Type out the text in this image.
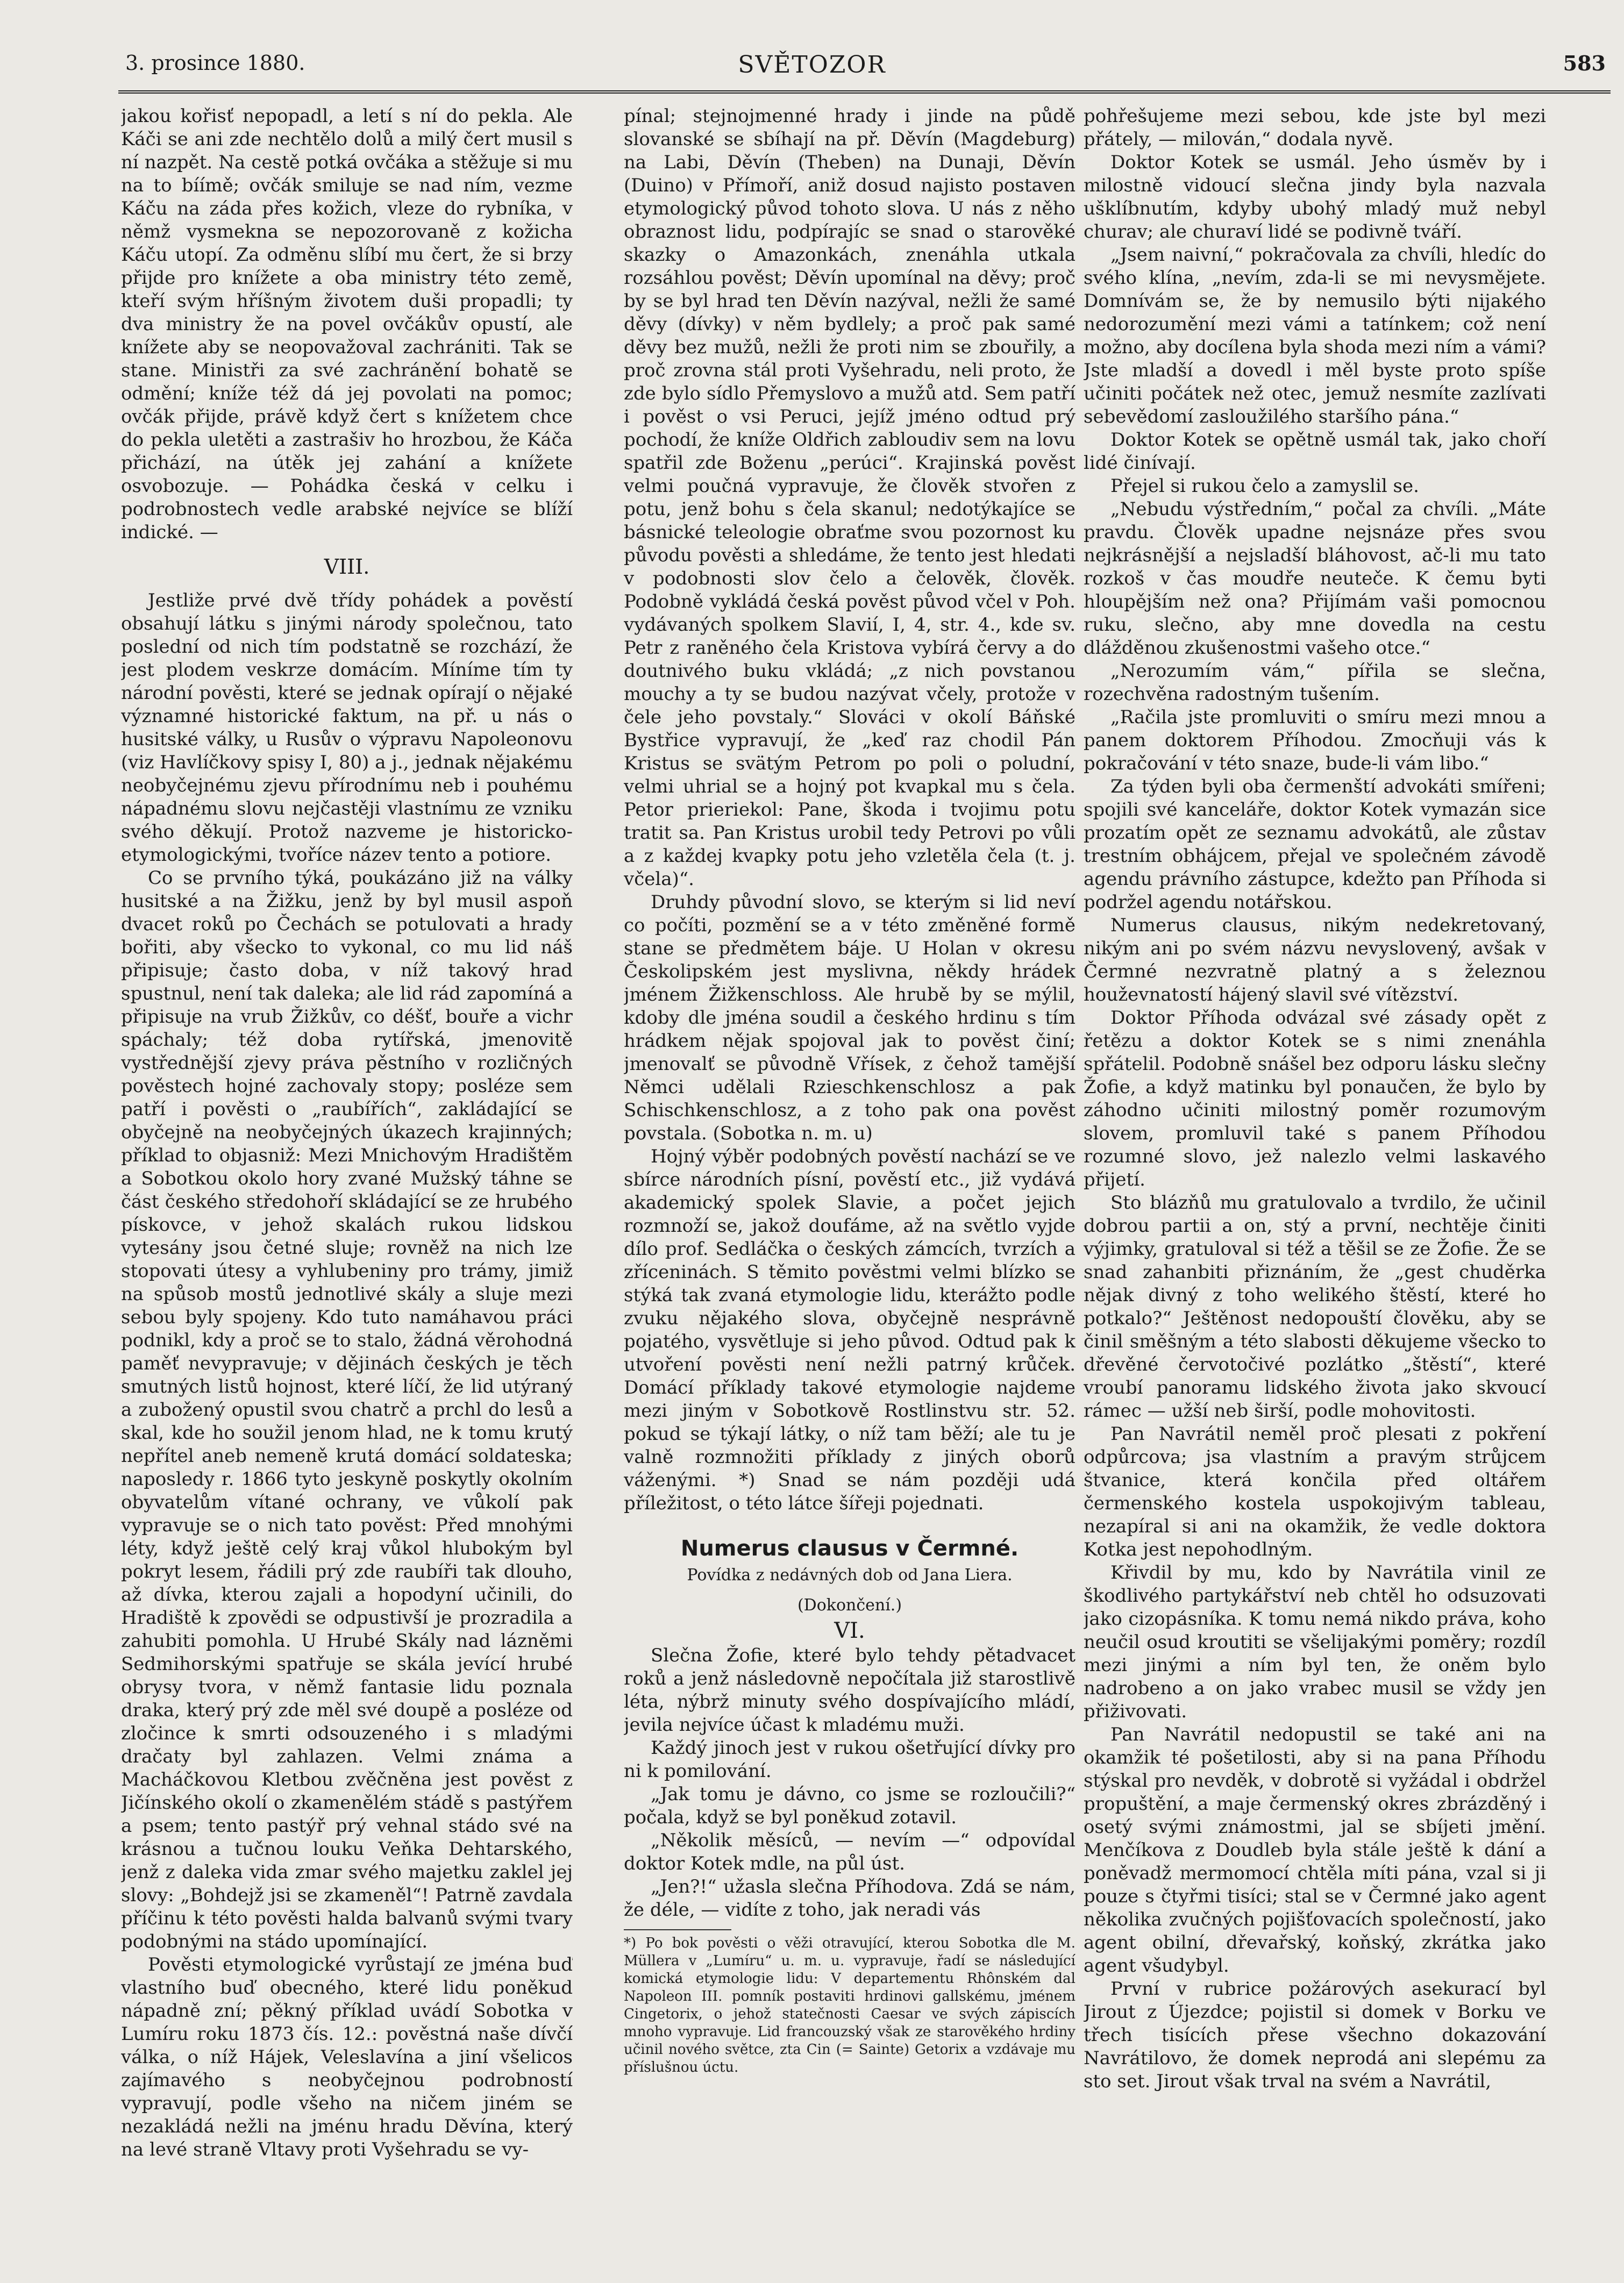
3. prosince 1880.	SVĚTOZOR	583

jakou kořisť nepopadl, a letí s ní do pekla. Ale Káči se ani zde nechtělo dolů a milý čert musil s ní nazpět. Na cestě potká ovčáka a stěžuje si mu na to bíímě; ovčák smiluje se nad ním, vezme Káču na záda přes kožich, vleze do rybníka, v němž vysmekna se nepozorovaně z kožicha Káču utopí. Za odměnu slíbí mu čert, že si brzy přijde pro knížete a oba ministry této země, kteří svým hříšným životem duši propadli; ty dva ministry že na povel ovčákův opustí, ale knížete aby se neopovažoval zachrániti. Tak se stane. Ministři za své zachránění bohatě se odmění; kníže též dá jej povolati na pomoc; ovčák přijde, právě když čert s knížetem chce do pekla uletěti a zastrašiv ho hrozbou, že Káča přichází, na útěk jej zahání a knížete osvobozuje. — Pohádka česká v celku i podrobnostech vedle arabské nejvíce se blíží indické. —

VIII.

Jestliže prvé dvě třídy pohádek a pověstí obsahují látku s jinými národy společnou, tato poslední od nich tím podstatně se rozchází, že jest plodem veskrze domácím. Míníme tím ty národní pověsti, které se jednak opírají o nějaké významné historické faktum, na př. u nás o husitské války, u Rusův o výpravu Napoleonovu (viz Havlíčkovy spisy I, 80) a j., jednak nějakému neobyčejnému zjevu přírodnímu neb i pouhému nápadnému slovu nejčastěji vlastnímu ze vzniku svého děkují. Protož nazveme je historicko-etymologickými, tvoříce název tento a potiore.

Co se prvního týká, poukázáno již na války husitské a na Žižku, jenž by byl musil aspoň dvacet roků po Čechách se potulovati a hrady bořiti, aby všecko to vykonal, co mu lid náš připisuje; často doba, v níž takový hrad spustnul, není tak daleka; ale lid rád zapomíná a připisuje na vrub Žižkův, co déšť, bouře a vichr spáchaly; též doba rytířská, jmenovitě vystřednější zjevy práva pěstního v rozličných pověstech hojné zachovaly stopy; posléze sem patří i pověsti o „raubířích“, zakládající se obyčejně na neobyčejných úkazech krajinných; příklad to objasniž: Mezi Mnichovým Hradištěm a Sobotkou okolo hory zvané Mužský táhne se část českého středohoří skládající se ze hrubého pískovce, v jehož skalách rukou lidskou vytesány jsou četné sluje; rovněž na nich lze stopovati útesy a vyhlubeniny pro trámy, jimiž na spůsob mostů jednotlivé skály a sluje mezi sebou byly spojeny. Kdo tuto namáhavou práci podnikl, kdy a proč se to stalo, žádná věrohodná paměť nevypravuje; v dějinách českých je těch smutných listů hojnost, které líčí, že lid utýraný a zubožený opustil svou chatrč a prchl do lesů a skal, kde ho soužil jenom hlad, ne k tomu krutý nepřítel aneb nemeně krutá domácí soldateska; naposledy r. 1866 tyto jeskyně poskytly okolním obyvatelům vítané ochrany, ve vůkolí pak vypravuje se o nich tato pověst: Před mnohými léty, když ještě celý kraj vůkol hlubokým byl pokryt lesem, řádili prý zde raubíři tak dlouho, až dívka, kterou zajali a hopodyní učinili, do Hradiště k zpovědi se odpustivší je prozradila a zahubiti pomohla. U Hrubé Skály nad lázněmi Sedmihorskými spatřuje se skála jevící hrubé obrysy tvora, v němž fantasie lidu poznala draka, který prý zde měl své doupě a posléze od zločince k smrti odsouzeného i s mladými dračaty byl zahlazen. Velmi známa a Macháčkovou Kletbou zvěčněna jest pověst z Jičínského okolí o zkamenělém stádě s pastýřem a psem; tento pastýř prý vehnal stádo své na krásnou a tučnou louku Veňka Dehtarského, jenž z daleka vida zmar svého majetku zaklel jej slovy: „Bohdejž jsi se zkameněl“! Patrně zavdala příčinu k této pověsti halda balvanů svými tvary podobnými na stádo upomínající.

Pověsti etymologické vyrůstají ze jména buď vlastního buď obecného, které lidu poněkud nápadně zní; pěkný příklad uvádí Sobotka v Lumíru roku 1873 čís. 12.: pověstná naše dívčí válka, o níž Hájek, Veleslavína a jiní všelicos zajímavého s neobyčejnou podrobností vypravují, podle všeho na ničem jiném se nezakládá nežli na jménu hradu Děvína, který na levé straně Vltavy proti Vyšehradu se vy-

pínal; stejnojmenné hrady i jinde na půdě slovanské se sbíhají na př. Děvín (Magdeburg) na Labi, Děvín (Theben) na Dunaji, Děvín (Duino) v Přímoří, aniž dosud najisto postaven etymologický původ tohoto slova. U nás z něho obraznost lidu, podpírajíc se snad o starověké skazky o Amazonkách, znenáhla utkala rozsáhlou pověst; Děvín upomínal na děvy; proč by se byl hrad ten Děvín nazýval, nežli že samé děvy (dívky) v něm bydlely; a proč pak samé děvy bez mužů, nežli že proti nim se zbouřily, a proč zrovna stál proti Vyšehradu, neli proto, že zde bylo sídlo Přemyslovo a mužů atd. Sem patří i pověst o vsi Peruci, jejíž jméno odtud prý pochodí, že kníže Oldřich zabloudiv sem na lovu spatřil zde Boženu „perúci“. Krajinská pověst velmi poučná vypravuje, že člověk stvořen z potu, jenž bohu s čela skanul; nedotýkajíce se básnické teleologie obraťme svou pozornost ku původu pověsti a shledáme, že tento jest hledati v podobnosti slov čelo a čelověk, člověk. Podobně vykládá česká pověst původ včel v Poh. vydávaných spolkem Slavií, I, 4, str. 4., kde sv. Petr z raněného čela Kristova vybírá červy a do doutnivého buku vkládá; „z nich povstanou mouchy a ty se budou nazývat včely, protože v čele jeho povstaly.“ Slováci v okolí Báňské Bystřice vypravují, že „keď raz chodil Pán Kristus se svätým Petrom po poli o poludní, velmi uhrial se a hojný pot kvapkal mu s čela. Petor prieriekol: Pane, škoda i tvojimu potu tratit sa. Pan Kristus urobil tedy Petrovi po vůli a z každej kvapky potu jeho vzletěla čela (t. j. včela)“.

Druhdy původní slovo, se kterým si lid neví co počíti, pozmění se a v této změněné formě stane se předmětem báje. U Holan v okresu Českolipském jest myslivna, někdy hrádek jménem Žižkenschloss. Ale hrubě by se mýlil, kdoby dle jména soudil a českého hrdinu s tím hrádkem nějak spojoval jak to pověst činí; jmenovalť se původně Vřísek, z čehož tamější Němci udělali Rzieschkenschlosz a pak Schischkenschlosz, a z toho pak ona pověst povstala. (Sobotka n. m. u)

Hojný výběr podobných pověstí nachází se ve sbírce národních písní, pověstí etc., již vydává akademický spolek Slavie, a počet jejich rozmnoží se, jakož doufáme, až na světlo vyjde dílo prof. Sedláčka o českých zámcích, tvrzích a zříceninách. S těmito pověstmi velmi blízko se stýká tak zvaná etymologie lidu, kterážto podle zvuku nějakého slova, obyčejně nesprávně pojatého, vysvětluje si jeho původ. Odtud pak k utvoření pověsti není nežli patrný krůček. Domácí příklady takové etymologie najdeme mezi jiným v Sobotkově Rostlinstvu str. 52. pokud se týkají látky, o níž tam běží; ale tu je valně rozmnožiti příklady z jiných oborů váženými. *) Snad se nám později udá příležitost, o této látce šířeji pojednati.

Numerus clausus v Čermné.
Povídka z nedávných dob od Jana Liera.
(Dokončení.)
VI.

Slečna Žofie, které bylo tehdy pětadvacet roků a jenž následovně nepočítala již starostlivě léta, nýbrž minuty svého dospívajícího mládí, jevila nejvíce účast k mladému muži.

Každý jinoch jest v rukou ošetřující dívky pro ni k pomilování.

„Jak tomu je dávno, co jsme se rozloučili?“ počala, když se byl poněkud zotavil.

„Několik měsíců, — nevím —“ odpovídal doktor Kotek mdle, na půl úst.

„Jen?!“ užasla slečna Příhodova. Zdá se nám, že déle, — vidíte z toho, jak neradi vás

*) Po bok pověsti o věži otravující, kterou Sobotka dle M. Müllera v „Lumíru“ u. m. u. vypravuje, řadí se následující komická etymologie lidu: V departementu Rhônském dal Napoleon III. pomník postaviti hrdinovi gallskému, jménem Cingetorix, o jehož statečnosti Caesar ve svých zápiscích mnoho vypravuje. Lid francouzský však ze starověkého hrdiny učinil nového světce, zta Cin (= Sainte) Getorix a vzdávaje mu příslušnou úctu.

pohřešujeme mezi sebou, kde jste byl mezi přátely, — milován,“ dodala nyvě.

Doktor Kotek se usmál. Jeho úsměv by i milostně vidoucí slečna jindy byla nazvala ušklíbnutím, kdyby ubohý mladý muž nebyl churav; ale churaví lidé se podivně tváří.

„Jsem naivní,“ pokračovala za chvíli, hledíc do svého klína, „nevím, zda-li se mi nevysmějete. Domnívám se, že by nemusilo býti nijakého nedorozumění mezi vámi a tatínkem; což není možno, aby docílena byla shoda mezi ním a vámi? Jste mladší a dovedl i měl byste proto spíše učiniti počátek než otec, jemuž nesmíte zazlívati sebevědomí zasloužilého staršího pána.“

Doktor Kotek se opětně usmál tak, jako choří lidé činívají.

Přejel si rukou čelo a zamyslil se.

„Nebudu výstředním,“ počal za chvíli. „Máte pravdu. Člověk upadne nejsnáze přes svou nejkrásnější a nejsladší bláhovost, ač-li mu tato rozkoš v čas moudře neuteče. K čemu byti hloupějším než ona? Přijímám vaši pomocnou ruku, slečno, aby mne dovedla na cestu dlážděnou zkušenostmi vašeho otce.“

„Nerozumím vám,“ pířila se slečna, rozechvěna radostným tušením.

„Račila jste promluviti o smíru mezi mnou a panem doktorem Příhodou. Zmocňuji vás k pokračování v této snaze, bude-li vám libo.“

Za týden byli oba čermenští advokáti smířeni; spojili své kanceláře, doktor Kotek vymazán sice prozatím opět ze seznamu advokátů, ale zůstav trestním obhájcem, přejal ve společném závodě agendu právního zástupce, kdežto pan Příhoda si podržel agendu notářskou.

Numerus clausus, nikým nedekretovaný, nikým ani po svém názvu nevyslovený, avšak v Čermné nezvratně platný a s železnou houževnatostí hájený slavil své vítězství.

Doktor Příhoda odvázal své zásady opět z řetězu a doktor Kotek se s nimi znenáhla spřátelil. Podobně snášel bez odporu lásku slečny Žofie, a když matinku byl ponaučen, že bylo by záhodno učiniti milostný poměr rozumovým slovem, promluvil také s panem Příhodou rozumné slovo, jež nalezlo velmi laskavého přijetí.

Sto blázňů mu gratulovalo a tvrdilo, že učinil dobrou partii a on, stý a první, nechtěje činiti výjimky, gratuloval si též a těšil se ze Žofie. Že se snad zahanbiti přiznáním, že „gest chuděrka nějak divný z toho welikého štěstí, které ho potkalo?“ Ještěnost nedopouští člověku, aby se činil směšným a této slabosti děkujeme všecko to dřevěné červotočivé pozlátko „štěstí“, které vroubí panoramu lidského života jako skvoucí rámec — užší neb širší, podle mohovitosti.

Pan Navrátil neměl proč plesati z pokření odpůrcova; jsa vlastním a pravým strůjcem štvanice, která končila před oltářem čermenského kostela uspokojivým tableau, nezapíral si ani na okamžik, že vedle doktora Kotka jest nepohodlným.

Křivdil by mu, kdo by Navrátila vinil ze škodlivého partykářství neb chtěl ho odsuzovati jako cizopásníka. K tomu nemá nikdo práva, koho neučil osud kroutiti se všelijakými poměry; rozdíl mezi jinými a ním byl ten, že oněm bylo nadrobeno a on jako vrabec musil se vždy jen přiživovati.

Pan Navrátil nedopustil se také ani na okamžik té pošetilosti, aby si na pana Příhodu stýskal pro nevděk, v dobrotě si vyžádal i obdržel propuštění, a maje čermenský okres zbrázděný i osetý svými známostmi, jal se sbíjeti jmění. Menčíkova z Doudleb byla stále ještě k dání a poněvadž mermomocí chtěla míti pána, vzal si ji pouze s čtyřmi tisíci; stal se v Čermné jako agent několika zvučných pojišťovacích společností, jako agent obilní, dřevařský, koňský, zkrátka jako agent všudybyl.

První v rubrice požárových asekurací byl Jirout z Újezdce; pojistil si domek v Borku ve třech tisících přese všechno dokazování Navrátilovo, že domek neprodá ani slepému za sto set. Jirout však trval na svém a Navrátil,
